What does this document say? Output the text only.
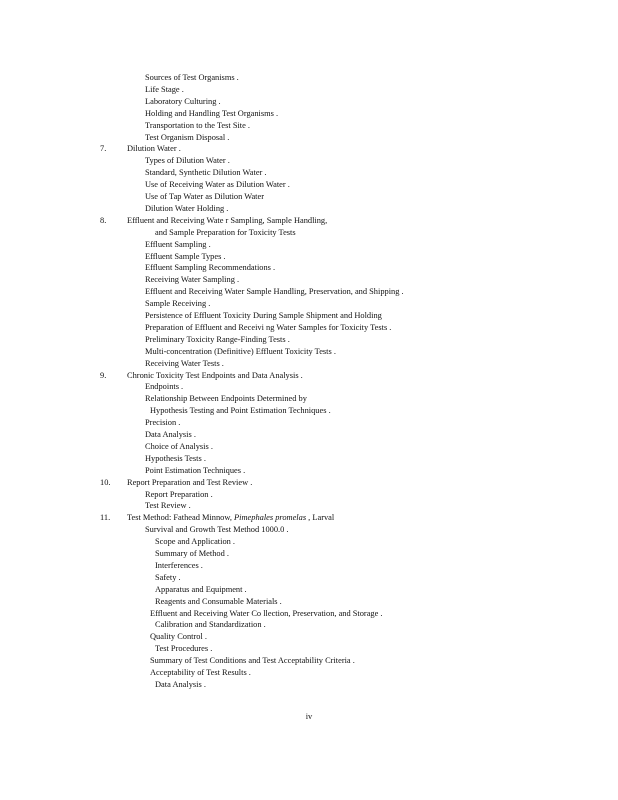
Sources of Test Organisms .
Life Stage .
Laboratory Culturing .
Holding and Handling Test Organisms .
Transportation to the Test Site .
Test Organism Disposal .
7. Dilution Water .
Types of Dilution Water .
Standard, Synthetic Dilution Water .
Use of Receiving Water as Dilution Water .
Use of Tap Water as Dilution Water
Dilution Water Holding .
8. Effluent and Receiving Wate r Sampling, Sample Handling,
and Sample Preparation for Toxicity Tests
Effluent Sampling .
Effluent Sample Types .
Effluent Sampling Recommendations .
Receiving Water Sampling .
Effluent and Receiving Water Sample Handling, Preservation, and Shipping .
Sample Receiving .
Persistence of Effluent Toxicity During Sample Shipment and Holding
Preparation of Effluent and Receivi ng Water Samples for Toxicity Tests .
Preliminary Toxicity Range-Finding Tests .
Multi-concentration (Definitive) Effluent Toxicity Tests .
Receiving Water Tests .
9. Chronic Toxicity Test Endpoints and Data Analysis .
Endpoints .
Relationship Between Endpoints Determined by
Hypothesis Testing and Point Estimation Techniques .
Precision .
Data Analysis .
Choice of Analysis .
Hypothesis Tests .
Point Estimation Techniques .
10. Report Preparation and Test Review .
Report Preparation .
Test Review .
11. Test Method: Fathead Minnow, Pimephales promelas , Larval
Survival and Growth Test Method 1000.0 .
Scope and Application .
Summary of Method .
Interferences .
Safety .
Apparatus and Equipment .
Reagents and Consumable Materials .
Effluent and Receiving Water Co llection, Preservation, and Storage .
Calibration and Standardization .
Quality Control .
Test Procedures .
Summary of Test Conditions and Test Acceptability Criteria .
Acceptability of Test Results .
Data Analysis .
iv
